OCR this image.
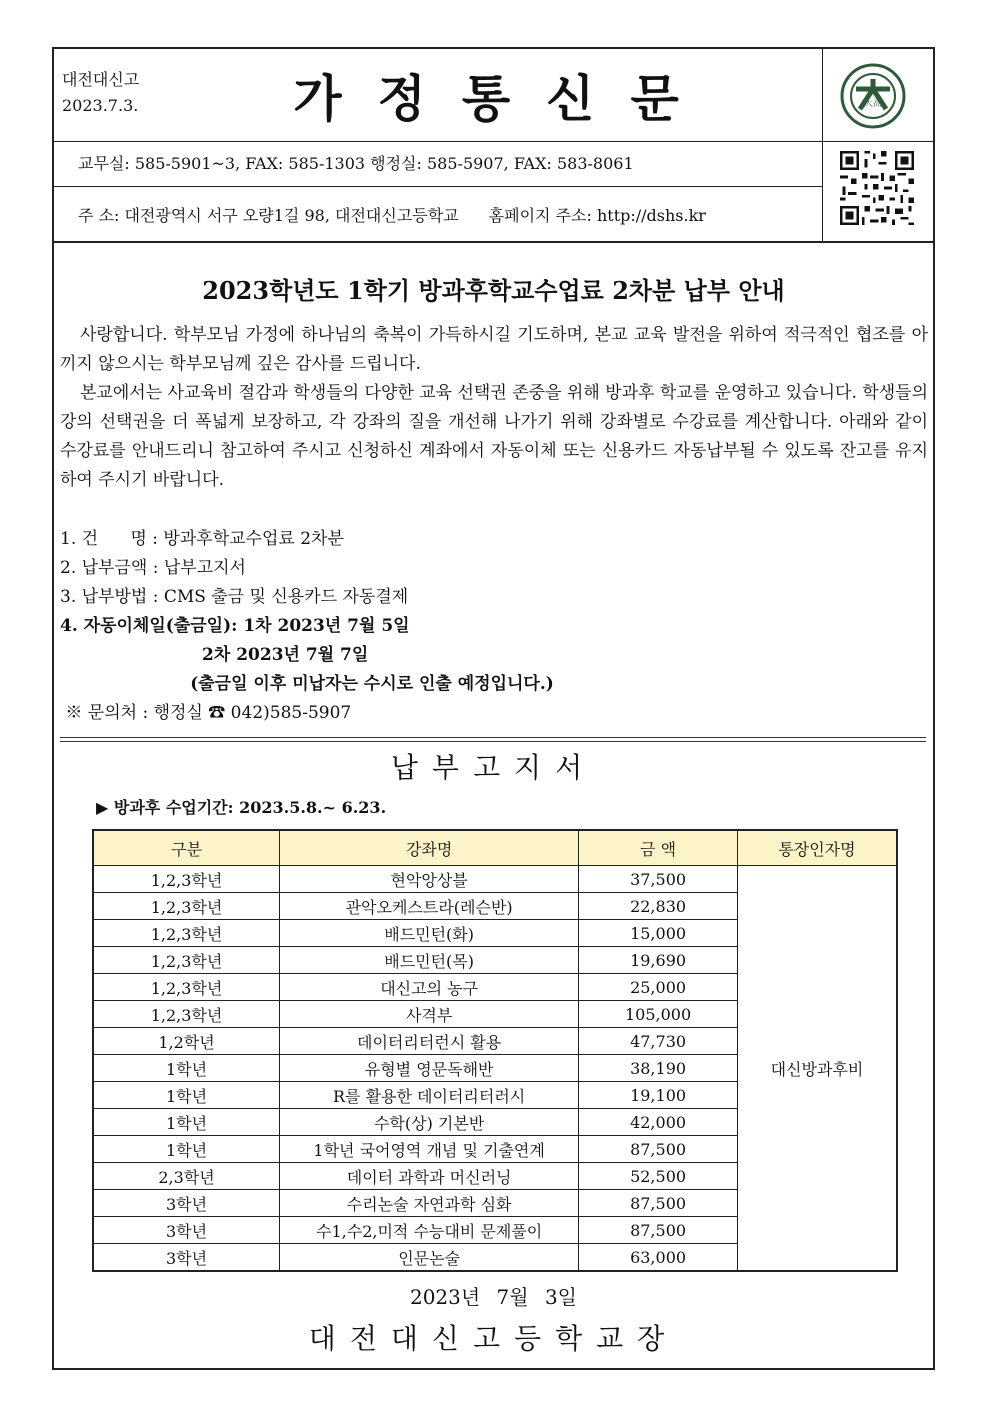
대전대신고
2023.7.3.	가정통신문	大高
교무실: 585-5901~3, FAX: 585-1303 행정실: 585-5907, FAX: 583-8061
주 소: 대전광역시 서구 오량1길 98, 대전대신고등학교 홈페이지 주소: http://dshs.kr
2023학년도 1학기 방과후학교수업료 2차분 납부 안내
사랑합니다. 학부모님 가정에 하나님의 축복이 가득하시길 기도하며, 본교 교육 발전을 위하여 적극적인 협조를 아끼지 않으시는 학부모님께 깊은 감사를 드립니다.
본교에서는 사교육비 절감과 학생들의 다양한 교육 선택권 존중을 위해 방과후 학교를 운영하고 있습니다. 학생들의 강의 선택권을 더 폭넓게 보장하고, 각 강좌의 질을 개선해 나가기 위해 강좌별로 수강료를 계산합니다. 아래와 같이 수강료를 안내드리니 참고하여 주시고 신청하신 계좌에서 자동이체 또는 신용카드 자동납부될 수 있도록 잔고를 유지하여 주시기 바랍니다.
1. 건      명 : 방과후학교수업료 2차분
2. 납부금액 : 납부고지서
3. 납부방법 : CMS 출금 및 신용카드 자동결제
4. 자동이체일(출금일): 1차 2023년 7월 5일
2차 2023년 7월 7일
(출금일 이후 미납자는 수시로 인출 예정입니다.)
※ 문의처 : 행정실 ☎ 042)585-5907
납부고지서
▶ 방과후 수업기간: 2023.5.8.~ 6.23.
구분	강좌명	금 액	통장인자명
1,2,3학년	현악앙상블	37,500	대신방과후비
1,2,3학년	관악오케스트라(레슨반)	22,830	
1,2,3학년	배드민턴(화)	15,000	
1,2,3학년	배드민턴(목)	19,690	
1,2,3학년	대신고의 농구	25,000	
1,2,3학년	사격부	105,000	
1,2학년	데이터리터런시 활용	47,730	
1학년	유형별 영문독해반	38,190	
1학년	R를 활용한 데이터리터러시	19,100	
1학년	수학(상) 기본반	42,000	
1학년	1학년 국어영역 개념 및 기출연계	87,500	
2,3학년	데이터 과학과 머신러닝	52,500	
3학년	수리논술 자연과학 심화	87,500	
3학년	수1,수2,미적 수능대비 문제풀이	87,500	
3학년	인문논술	63,000	
2023년 7월 3일
대전대신고등학교장
